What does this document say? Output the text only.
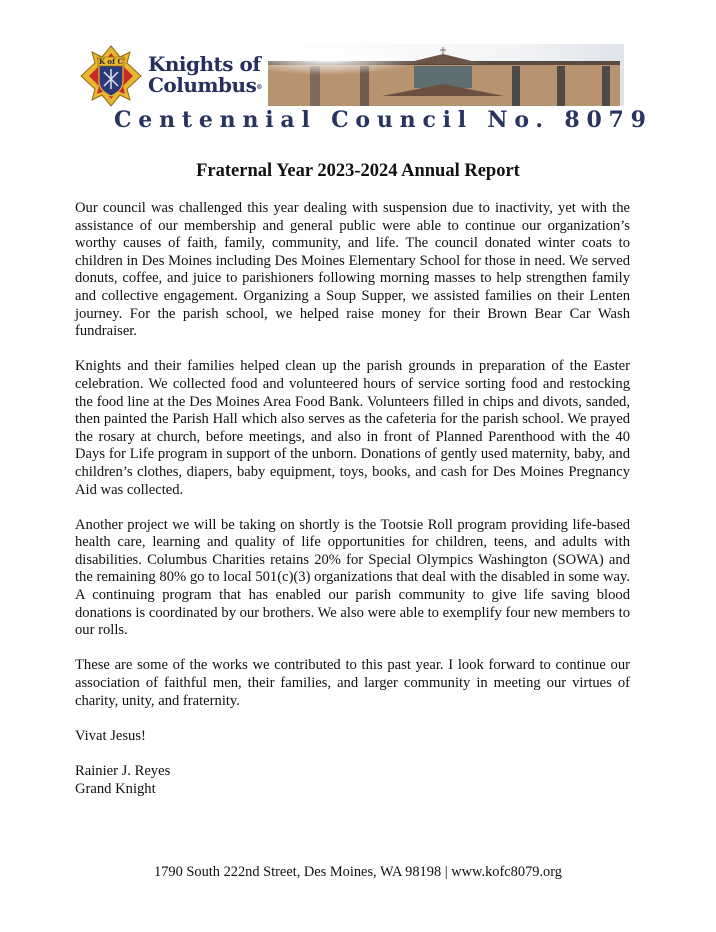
K of C Knights of
Columbus®
Centennial Council No. 8079
Fraternal Year 2023-2024 Annual Report

Our council was challenged this year dealing with suspension due to inactivity, yet with the assistance of our membership and general public were able to continue our organization’s worthy causes of faith, family, community, and life. The council donated winter coats to children in Des Moines including Des Moines Elementary School for those in need. We served donuts, coffee, and juice to parishioners following morning masses to help strengthen family and collective engagement. Organizing a Soup Supper, we assisted families on their Lenten journey. For the parish school, we helped raise money for their Brown Bear Car Wash fundraiser.

Knights and their families helped clean up the parish grounds in preparation of the Easter celebration. We collected food and volunteered hours of service sorting food and restocking the food line at the Des Moines Area Food Bank. Volunteers filled in chips and divots, sanded, then painted the Parish Hall which also serves as the cafeteria for the parish school. We prayed the rosary at church, before meetings, and also in front of Planned Parenthood with the 40 Days for Life program in support of the unborn. Donations of gently used maternity, baby, and children’s clothes, diapers, baby equipment, toys, books, and cash for Des Moines Pregnancy Aid was collected.

Another project we will be taking on shortly is the Tootsie Roll program providing life-based health care, learning and quality of life opportunities for children, teens, and adults with disabilities. Columbus Charities retains 20% for Special Olympics Washington (SOWA) and the remaining 80% go to local 501(c)(3) organizations that deal with the disabled in some way. A continuing program that has enabled our parish community to give life saving blood donations is coordinated by our brothers. We also were able to exemplify four new members to our rolls.

These are some of the works we contributed to this past year. I look forward to continue our association of faithful men, their families, and larger community in meeting our virtues of charity, unity, and fraternity.

Vivat Jesus!

Rainier J. Reyes

Grand Knight

1790 South 222nd Street, Des Moines, WA 98198 | www.kofc8079.org
